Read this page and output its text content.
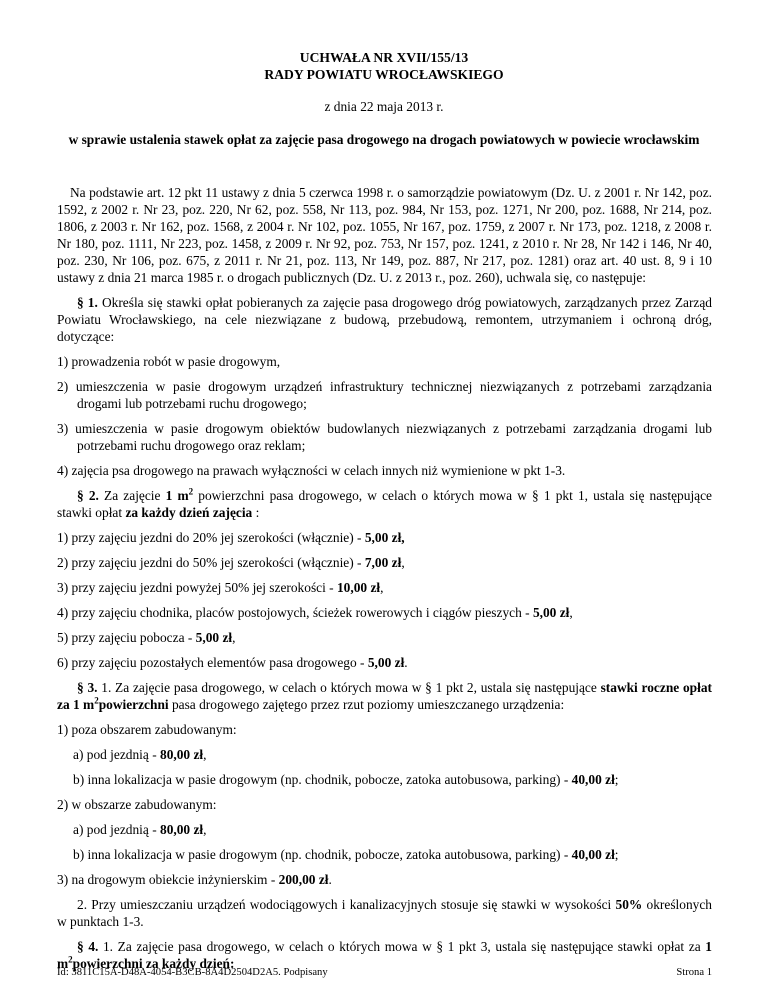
UCHWAŁA NR XVII/155/13
RADY POWIATU WROCŁAWSKIEGO
z dnia 22 maja 2013 r.
w sprawie ustalenia stawek opłat za zajęcie pasa drogowego na drogach powiatowych w powiecie wrocławskim

Na podstawie art. 12 pkt 11 ustawy z dnia 5 czerwca 1998 r. o samorządzie powiatowym (Dz. U. z 2001 r. Nr 142, poz. 1592, z 2002 r. Nr 23, poz. 220, Nr 62, poz. 558, Nr 113, poz. 984, Nr 153, poz. 1271, Nr 200, poz. 1688, Nr 214, poz. 1806, z 2003 r. Nr 162, poz. 1568, z 2004 r. Nr 102, poz. 1055, Nr 167, poz. 1759, z 2007 r. Nr 173, poz. 1218, z 2008 r. Nr 180, poz. 1111, Nr 223, poz. 1458, z 2009 r. Nr 92, poz. 753, Nr 157, poz. 1241, z 2010 r. Nr 28, Nr 142 i 146, Nr 40, poz. 230, Nr 106, poz. 675, z 2011 r. Nr 21, poz. 113, Nr 149, poz. 887, Nr 217, poz. 1281) oraz art. 40 ust. 8, 9 i 10 ustawy z dnia 21 marca 1985 r. o drogach publicznych (Dz. U. z 2013 r., poz. 260), uchwala się, co następuje:

§ 1. Określa się stawki opłat pobieranych za zajęcie pasa drogowego dróg powiatowych, zarządzanych przez Zarząd Powiatu Wrocławskiego, na cele niezwiązane z budową, przebudową, remontem, utrzymaniem i ochroną dróg, dotyczące:

1) prowadzenia robót w pasie drogowym,

2) umieszczenia w pasie drogowym urządzeń infrastruktury technicznej niezwiązanych z potrzebami zarządzania drogami lub potrzebami ruchu drogowego;

3) umieszczenia w pasie drogowym obiektów budowlanych niezwiązanych z potrzebami zarządzania drogami lub potrzebami ruchu drogowego oraz reklam;

4) zajęcia psa drogowego na prawach wyłączności w celach innych niż wymienione w pkt 1-3.

§ 2. Za zajęcie 1 $m^2$ powierzchni pasa drogowego, w celach o których mowa w § 1 pkt 1, ustala się następujące stawki opłat za każdy dzień zajęcia :

1) przy zajęciu jezdni do 20% jej szerokości (włącznie) - 5,00 zł,

2) przy zajęciu jezdni do 50% jej szerokości (włącznie) - 7,00 zł,

3) przy zajęciu jezdni powyżej 50% jej szerokości - 10,00 zł,

4) przy zajęciu chodnika, placów postojowych, ścieżek rowerowych i ciągów pieszych - 5,00 zł,

5) przy zajęciu pobocza - 5,00 zł,

6) przy zajęciu pozostałych elementów pasa drogowego - 5,00 zł.

§ 3. 1. Za zajęcie pasa drogowego, w celach o których mowa w § 1 pkt 2, ustala się następujące stawki roczne opłat za 1 $m^2powierzchni$ pasa drogowego zajętego przez rzut poziomy umieszczanego urządzenia:

1) poza obszarem zabudowanym:

a) pod jezdnią - 80,00 zł,

b) inna lokalizacja w pasie drogowym (np. chodnik, pobocze, zatoka autobusowa, parking) - 40,00 zł;

2) w obszarze zabudowanym:

a) pod jezdnią - 80,00 zł,

b) inna lokalizacja w pasie drogowym (np. chodnik, pobocze, zatoka autobusowa, parking) - 40,00 zł;

3) na drogowym obiekcie inżynierskim - 200,00 zł.

2. Przy umieszczaniu urządzeń wodociągowych i kanalizacyjnych stosuje się stawki w wysokości 50% określonych w punktach 1-3.

§ 4. 1. Za zajęcie pasa drogowego, w celach o których mowa w § 1 pkt 3, ustala się następujące stawki opłat za 1 $m^2powierzchni$ za każdy dzień:

Id: 3811C15A-D48A-4054-B3CB-8A4D2504D2A5. Podpisany	Strona 1
